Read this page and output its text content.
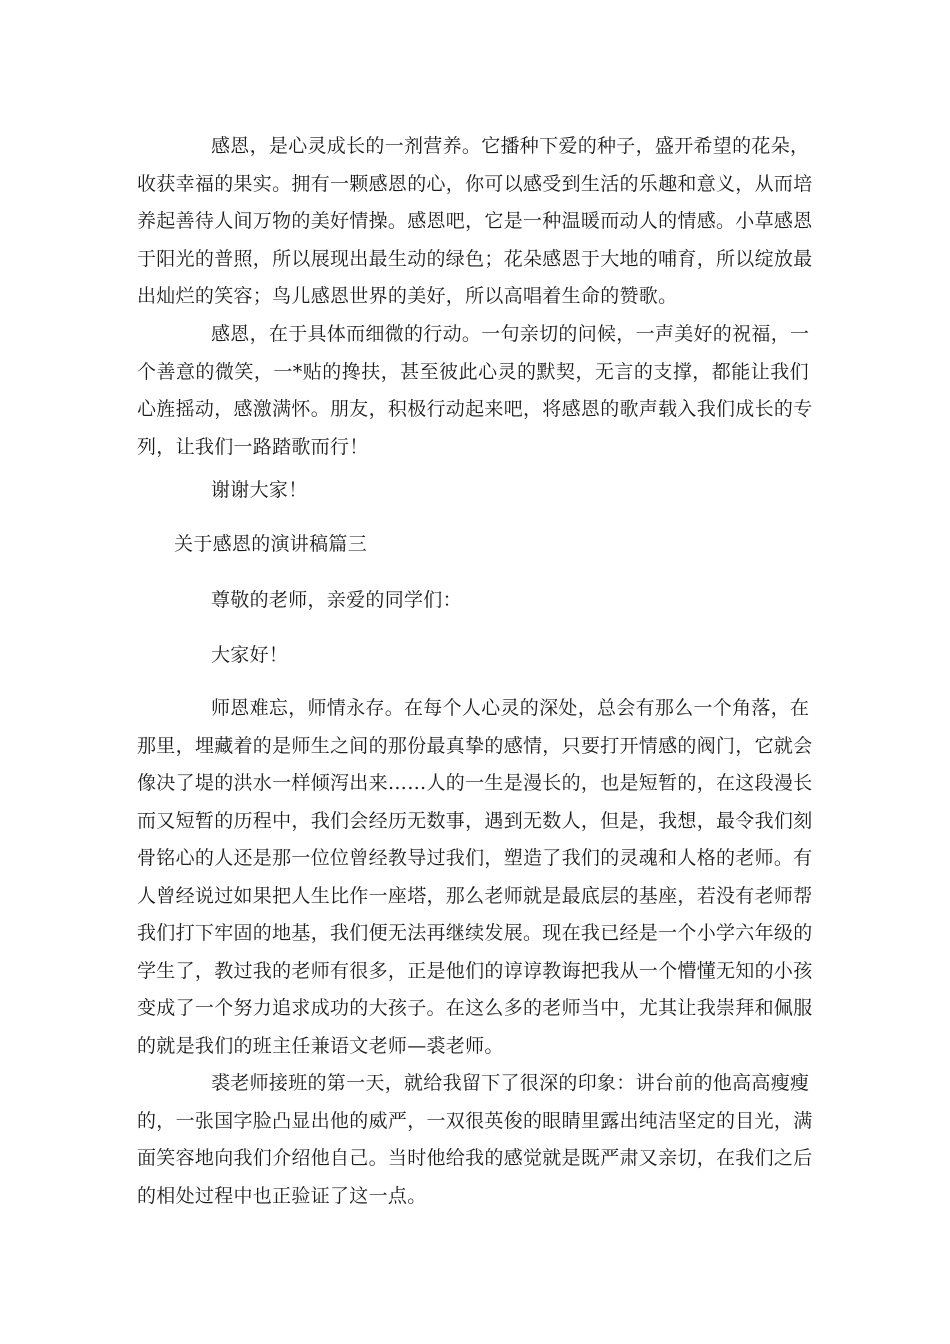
感恩，是心灵成长的一剂营养。它播种下爱的种子，盛开希望的花朵，
收获幸福的果实。拥有一颗感恩的心，你可以感受到生活的乐趣和意义，从而培
养起善待人间万物的美好情操。感恩吧，它是一种温暖而动人的情感。小草感恩
于阳光的普照，所以展现出最生动的绿色；花朵感恩于大地的哺育，所以绽放最
出灿烂的笑容；鸟儿感恩世界的美好，所以高唱着生命的赞歌。
感恩，在于具体而细微的行动。一句亲切的问候，一声美好的祝福，一
个善意的微笑，一*贴的搀扶，甚至彼此心灵的默契，无言的支撑，都能让我们
心旌摇动，感激满怀。朋友，积极行动起来吧，将感恩的歌声载入我们成长的专
列，让我们一路踏歌而行！

谢谢大家！

关于感恩的演讲稿篇三

尊敬的老师，亲爱的同学们：

大家好！

师恩难忘，师情永存。在每个人心灵的深处，总会有那么一个角落，在
那里，埋藏着的是师生之间的那份最真挚的感情，只要打开情感的阀门，它就会
像决了堤的洪水一样倾泻出来……人的一生是漫长的，也是短暂的，在这段漫长
而又短暂的历程中，我们会经历无数事，遇到无数人，但是，我想，最令我们刻
骨铭心的人还是那一位位曾经教导过我们，塑造了我们的灵魂和人格的老师。有
人曾经说过如果把人生比作一座塔，那么老师就是最底层的基座，若没有老师帮
我们打下牢固的地基，我们便无法再继续发展。现在我已经是一个小学六年级的
学生了，教过我的老师有很多，正是他们的谆谆教诲把我从一个懵懂无知的小孩
变成了一个努力追求成功的大孩子。在这么多的老师当中，尤其让我崇拜和佩服
的就是我们的班主任兼语文老师—裘老师。
裘老师接班的第一天，就给我留下了很深的印象：讲台前的他高高瘦瘦
的，一张国字脸凸显出他的威严，一双很英俊的眼睛里露出纯洁坚定的目光，满
面笑容地向我们介绍他自己。当时他给我的感觉就是既严肃又亲切，在我们之后
的相处过程中也正验证了这一点。
